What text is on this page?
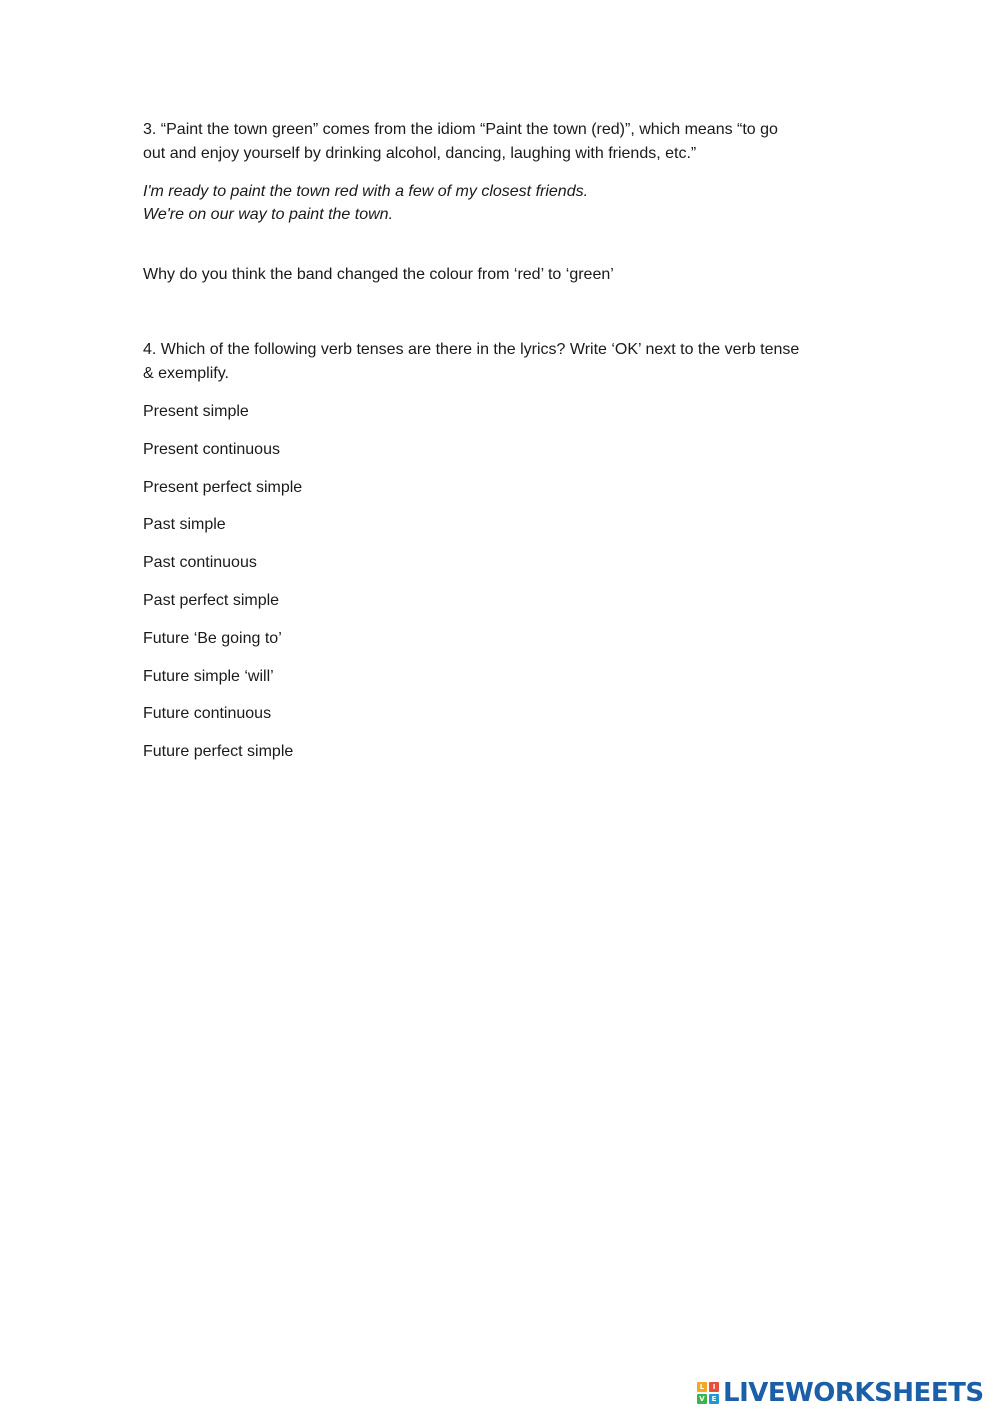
3. “Paint the town green” comes from the idiom “Paint the town (red)”, which means “to go
out and enjoy yourself by drinking alcohol, dancing, laughing with friends, etc.”
I'm ready to paint the town red with a few of my closest friends.
We're on our way to paint the town.
Why do you think the band changed the colour from ‘red’ to ‘green’
4. Which of the following verb tenses are there in the lyrics? Write ‘OK’ next to the verb tense
& exemplify.
Present simple
Present continuous
Present perfect simple
Past simple
Past continuous
Past perfect simple
Future ‘Be going to’
Future simple ‘will’
Future continuous
Future perfect simple
L	I
V E LIVEWORKSHEETS
